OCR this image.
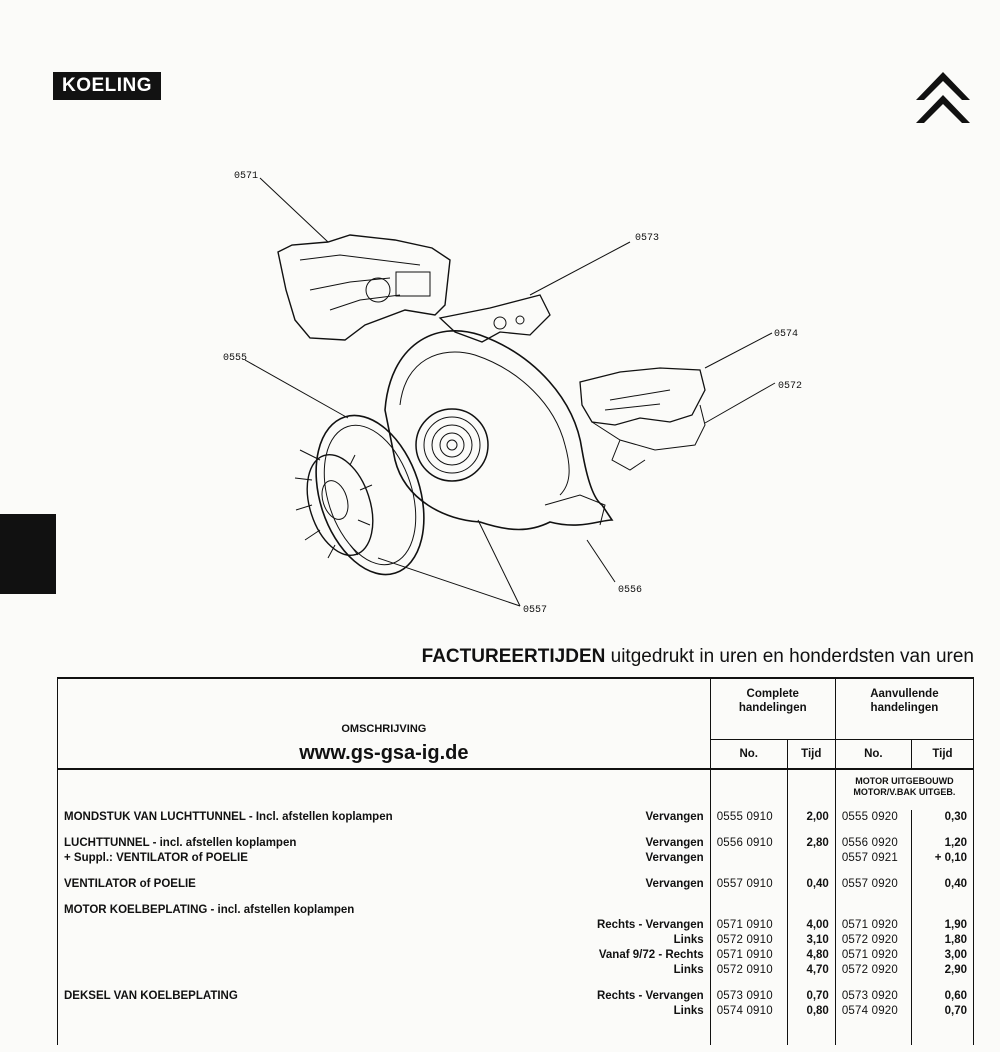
KOELING
0571
0573
0574
0572
0555
0556
0557
FACTUREERTIJDEN uitgedrukt in uren en honderdsten van uren
OMSCHRIJVING	Complete handelingen		Aanvullende handelingen	
www.gs-gsa-ig.de	No.	Tijd	No.	Tijd

			MOTOR UITGEBOUWD
MOTOR/V.BAK UITGEB.	

MONDSTUK VAN LUCHTTUNNEL - Incl. afstellen koplampen Vervangen	0555 0910	2,00	0555 0920	0,30

LUCHTTUNNEL - incl. afstellen koplampen Vervangen	0556 0910	2,80	0556 0920	1,20

+ Suppl.: VENTILATOR of POELIE Vervangen			0557 0921	+ 0,10

VENTILATOR of POELIE Vervangen	0557 0910	0,40	0557 0920	0,40

MOTOR KOELBEPLATING - incl. afstellen koplampen				

Rechts - Vervangen	0571 0910	4,00	0571 0920	1,90

Links	0572 0910	3,10	0572 0920	1,80

Vanaf 9/72 - Rechts	0571 0910	4,80	0571 0920	3,00

Links	0572 0910	4,70	0572 0920	2,90

DEKSEL VAN KOELBEPLATING Rechts - Vervangen	0573 0910	0,70	0573 0920	0,60

Links	0574 0910	0,80	0574 0920	0,70
